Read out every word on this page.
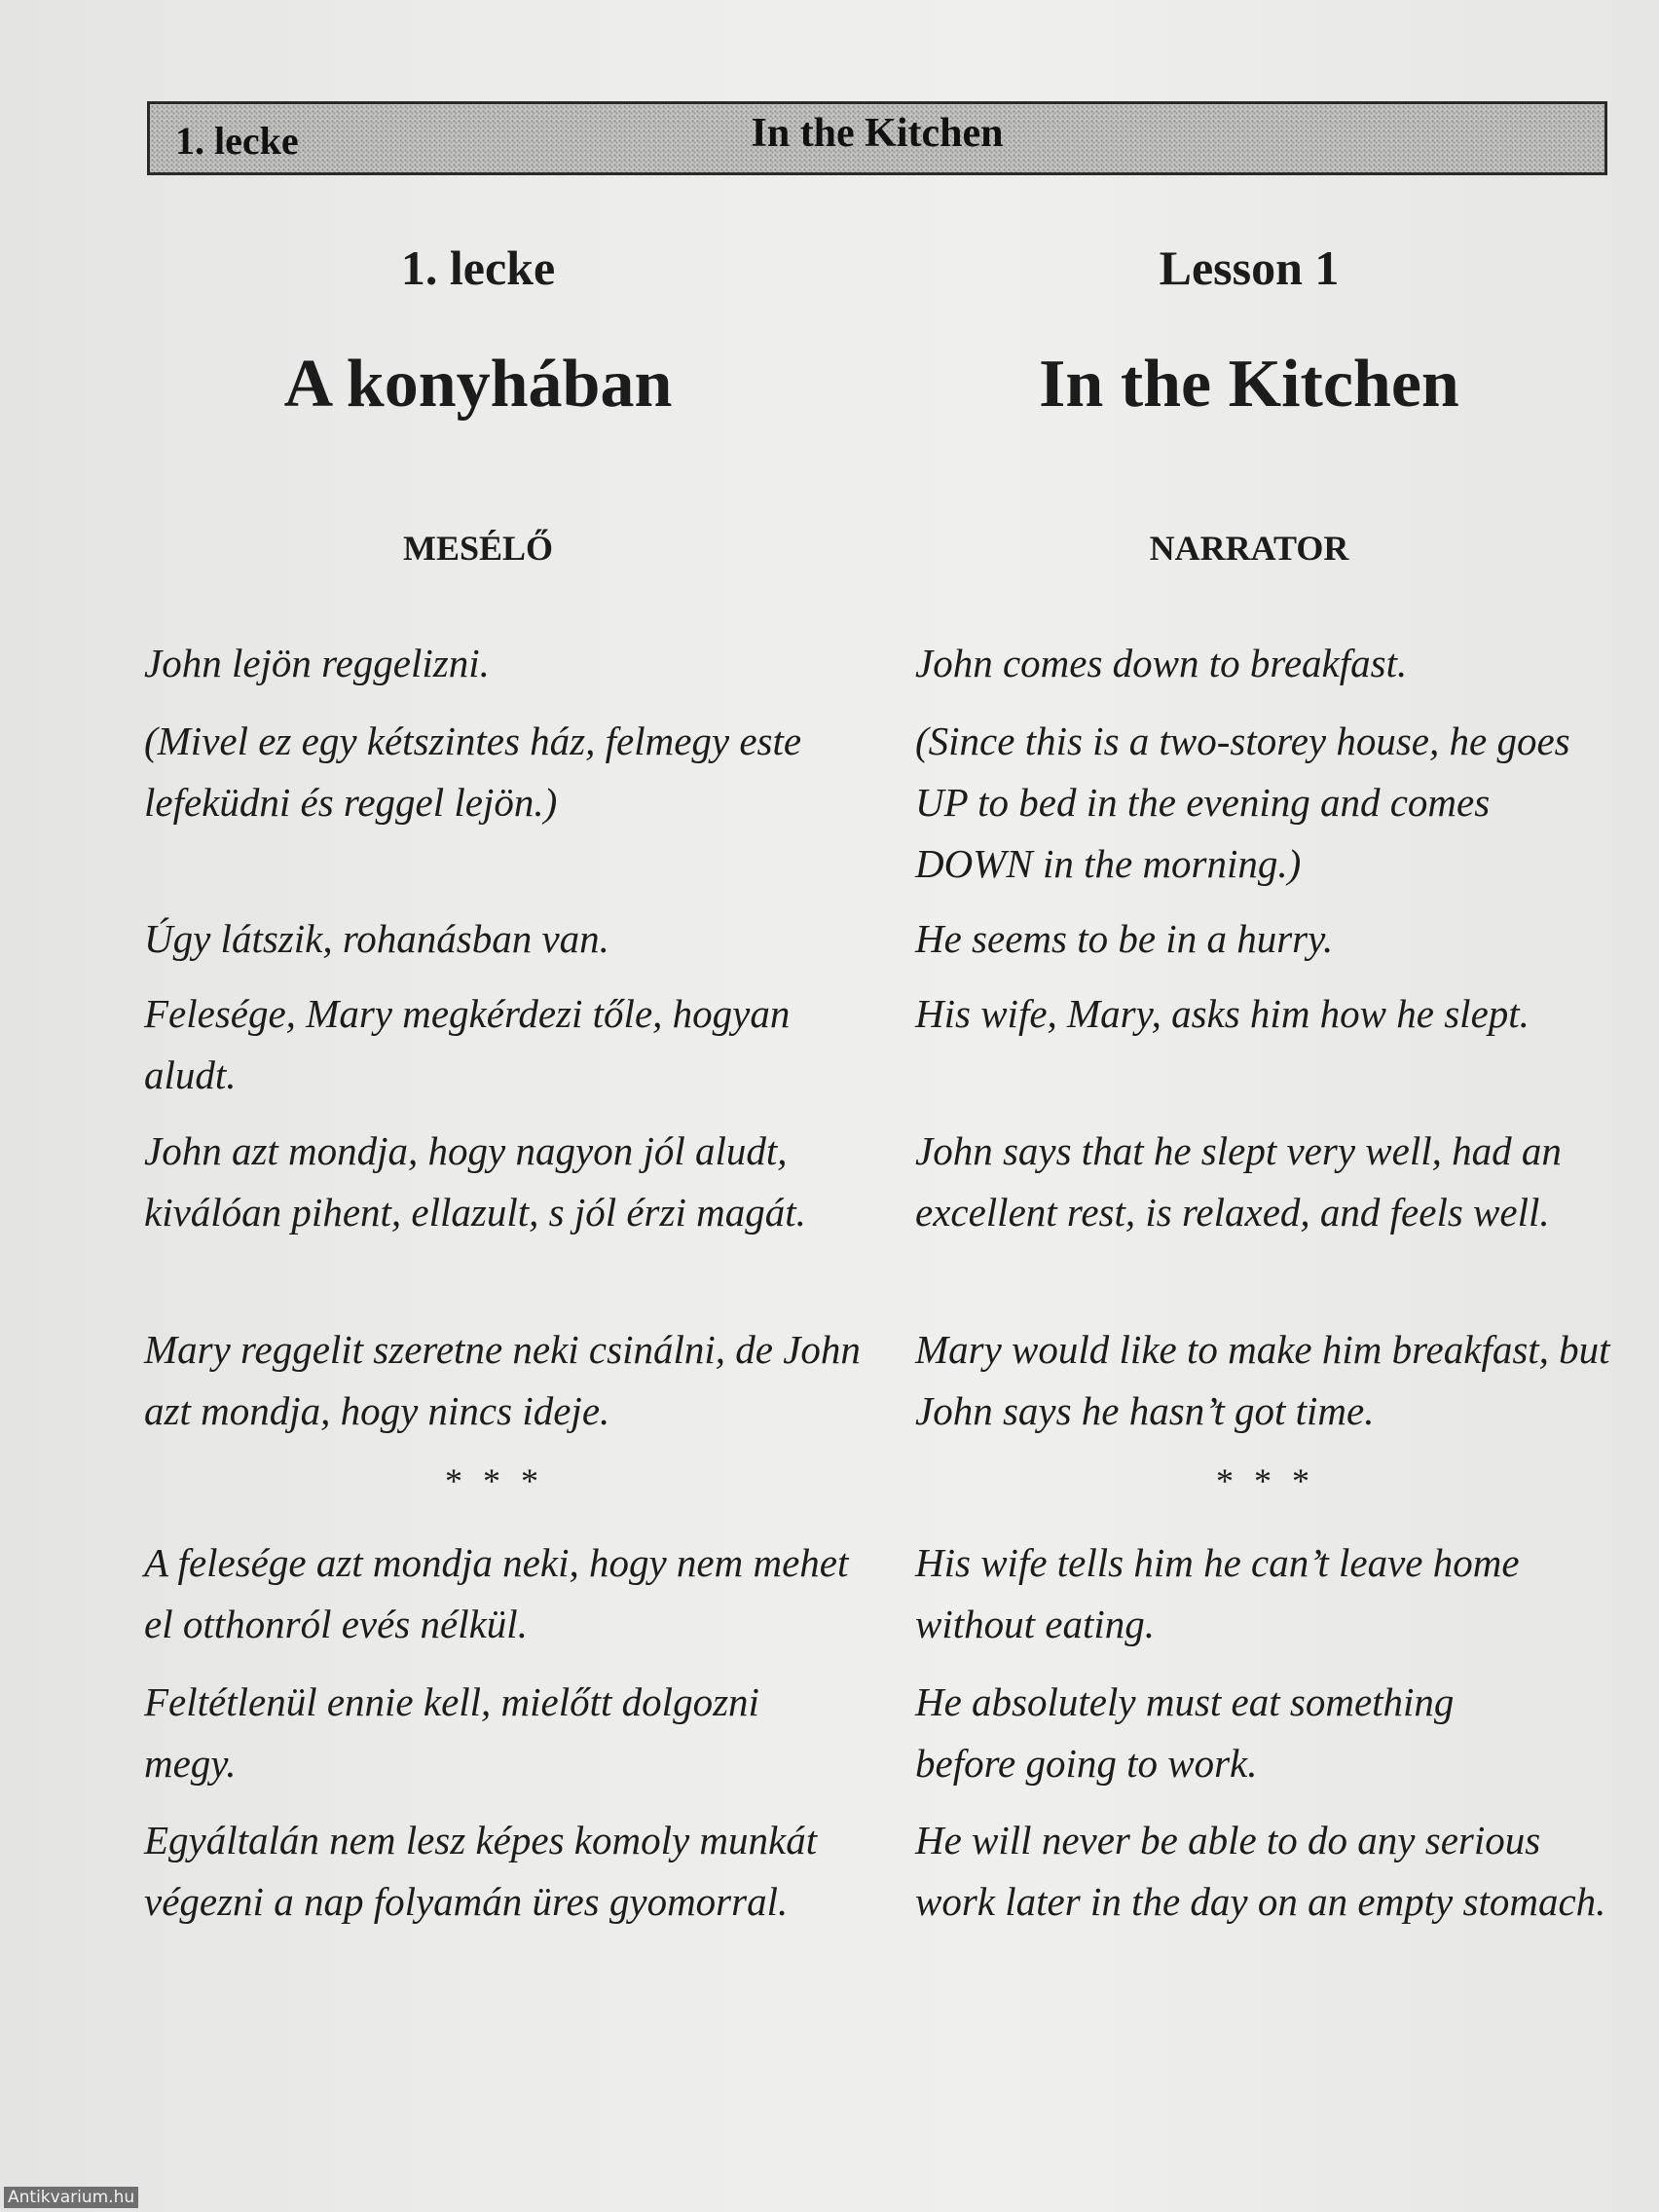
1. lecke	In the Kitchen
1. lecke
A konyhában
MESÉLŐ
Lesson 1
In the Kitchen
NARRATOR

John lejön reggelizni.

(Mivel ez egy kétszintes ház, felmegy este lefeküdni és reggel lejön.)

Úgy látszik, rohanásban van.

Felesége, Mary megkérdezi tőle, hogyan aludt.

John azt mondja, hogy nagyon jól aludt, kiválóan pihent, ellazult, s jól érzi magát.

Mary reggelit szeretne neki csinálni, de John azt mondja, hogy nincs ideje.

* * *

A felesége azt mondja neki, hogy nem mehet el otthonról evés nélkül.

Feltétlenül ennie kell, mielőtt dolgozni megy.

Egyáltalán nem lesz képes komoly munkát végezni a nap folyamán üres gyomorral.

John comes down to breakfast.

(Since this is a two-storey house, he goes UP to bed in the evening and comes DOWN in the morning.)

He seems to be in a hurry.

His wife, Mary, asks him how he slept.

John says that he slept very well, had an excellent rest, is relaxed, and feels well.

Mary would like to make him breakfast, but John says he hasn’t got time.

* * *

His wife tells him he can’t leave home without eating.

He absolutely must eat something before going to work.

He will never be able to do any serious work later in the day on an empty stomach.

Antikvarium.hu
